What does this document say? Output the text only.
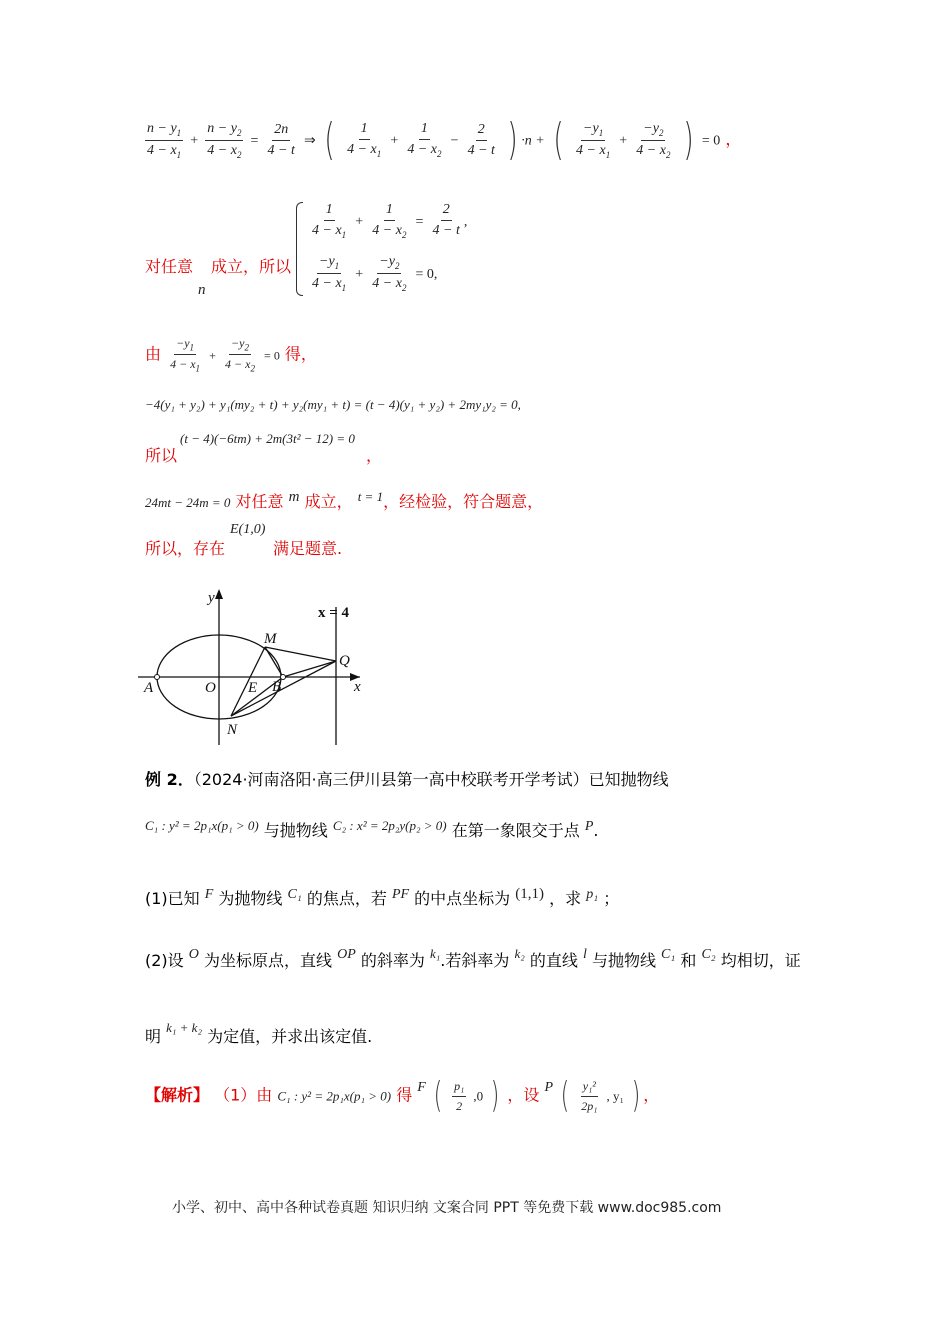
$\frac{n - y_1}{4 - x_1} + \frac{n - y_2}{4 - x_2} = \frac{2n}{4 - t}$ ⇒ ( $\frac{1}{4 - x_1} + \frac{1}{4 - x_2} - \frac{2}{4 - t}$ ) ·n + ( $\frac{-y_1}{4 - x_1} + \frac{-y_2}{4 - x_2}$ ) = 0 ，
对任意 成立，所以
n
$\frac{1}{4 - x_1} + \frac{1}{4 - x_2} = \frac{2}{4 - t}$ ,
$\frac{-y_1}{4 - x_1} + \frac{-y_2}{4 - x_2} = 0$,
由 $\frac{-y_1}{4 - x_1} + \frac{-y_2}{4 - x_2} = 0$ 得，
−4(y₁ + y₂) + y₁(my₂ + t) + y₂(my₁ + t) = (t − 4)(y₁ + y₂) + 2my₁y₂ = 0,
所以
(t − 4)(−6tm) + 2m(3t² − 12) = 0
，
24mt − 24m = 0 对任意 m 成立， $^{t = 1}$，经检验，符合题意，
所以，存在
E(1,0)
满足题意.
y
x
x = 4
M
Q
A	O E B
N
例 2．（2024·河南洛阳·高三伊川县第一高中校联考开学考试）已知抛物线
$^{C_1 : y^2 = 2p_1x(p_1 > 0)}$ 与抛物线 $^{C_2 : x^2 = 2p_2y(p_2 > 0)}$ 在第一象限交于点 P.
(1)已知 F 为抛物线 C₁ 的焦点，若 PF 的中点坐标为 (1,1) ，求 p₁ ；
(2)设 O 为坐标原点，直线 OP 的斜率为 $^{k_1}$.若斜率为 $^{k_2}$ 的直线 l 与抛物线 C₁ 和 C₂ 均相切，证
明 $^{k_1 + k_2}$ 为定值，并求出该定值.
【解析】 （1）由 C₁ : y² = 2p₁x(p₁ > 0) 得 F ( $\frac{\text{p₁}}{2} ,0$ ) ，设 P ( $\frac{\text{y₁²}}{\text{2p₁}}$ , y₁ ) ，
小学、初中、高中各种试卷真题 知识归纳 文案合同 PPT 等免费下载 www.doc985.com
